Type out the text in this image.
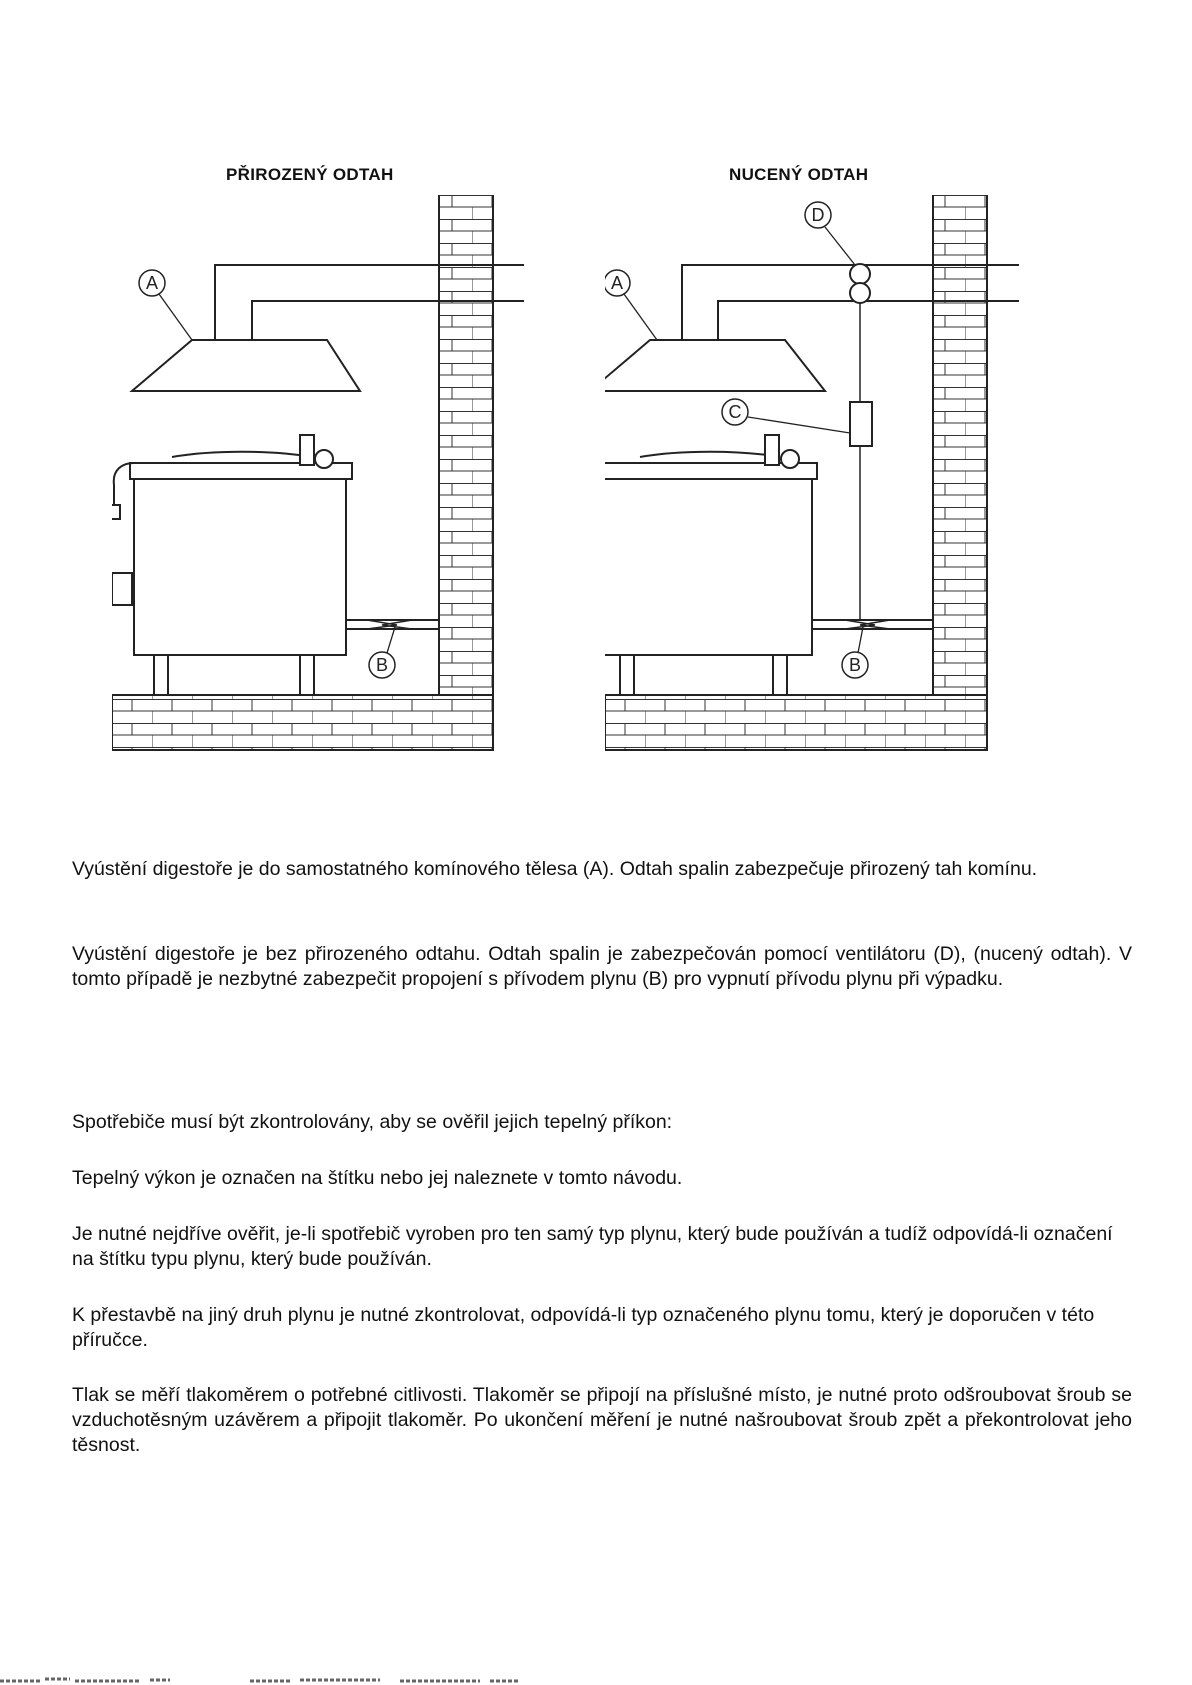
PŘIROZENÝ ODTAH	NUCENÝ ODTAH
A
B
D
C
A
B

Vyústění digestoře je do samostatného komínového tělesa (A). Odtah spalin zabezpečuje přirozený tah komínu.

Vyústění digestoře je bez přirozeného odtahu. Odtah spalin je zabezpečován pomocí ventilátoru (D), (nucený odtah). V tomto případě je nezbytné zabezpečit propojení s přívodem plynu (B) pro vypnutí přívodu plynu při výpadku.

Spotřebiče musí být zkontrolovány, aby se ověřil jejich tepelný příkon:

Tepelný výkon je označen na štítku nebo jej naleznete v tomto návodu.

Je nutné nejdříve ověřit, je-li spotřebič vyroben pro ten samý typ plynu, který bude používán a tudíž odpovídá-li označení na štítku typu plynu, který bude používán.

K přestavbě na jiný druh plynu je nutné zkontrolovat, odpovídá-li typ označeného plynu tomu, který je doporučen v této příručce.

Tlak se měří tlakoměrem o potřebné citlivosti. Tlakoměr se připojí na příslušné místo, je nutné proto odšroubovat šroub se vzduchotěsným uzávěrem a připojit tlakoměr. Po ukončení měření je nutné našroubovat šroub zpět a překontrolovat jeho těsnost.
